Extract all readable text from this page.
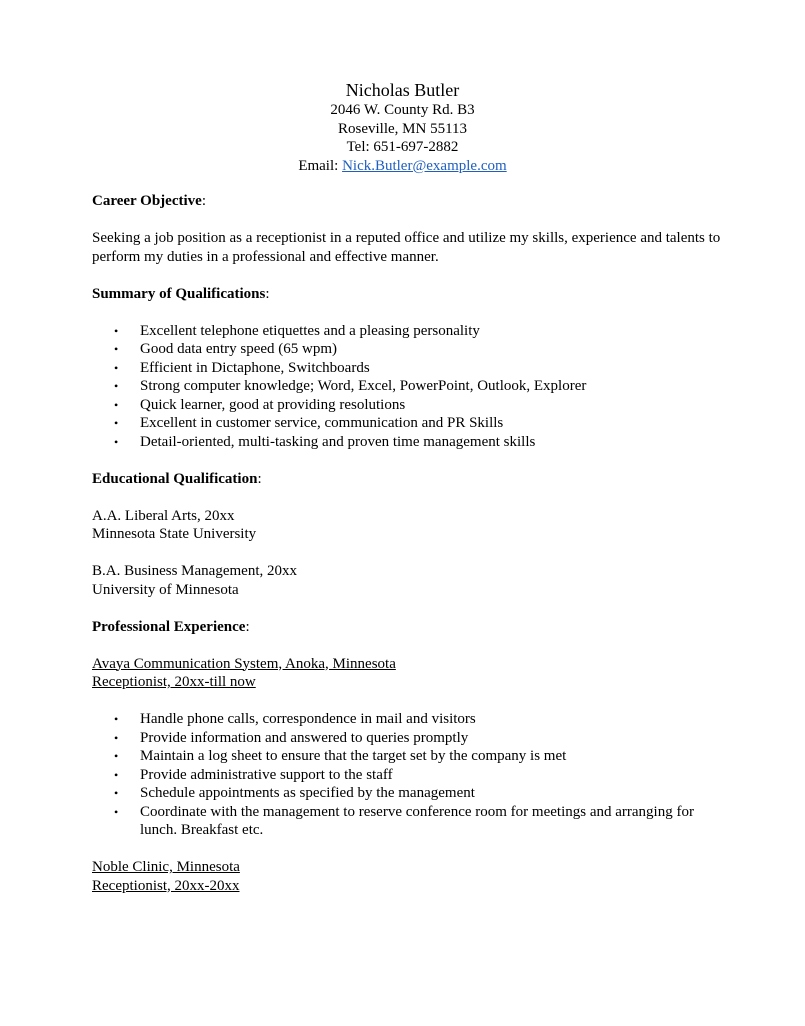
Nicholas Butler
2046 W. County Rd. B3
Roseville, MN 55113
Tel: 651-697-2882
Email: Nick.Butler@example.com
Career Objective:
Seeking a job position as a receptionist in a reputed office and utilize my skills, experience and talents to perform my duties in a professional and effective manner.
Summary of Qualifications:
• Excellent telephone etiquettes and a pleasing personality
• Good data entry speed (65 wpm)
• Efficient in Dictaphone, Switchboards
• Strong computer knowledge; Word, Excel, PowerPoint, Outlook, Explorer
• Quick learner, good at providing resolutions
• Excellent in customer service, communication and PR Skills
• Detail-oriented, multi-tasking and proven time management skills
Educational Qualification:
A.A. Liberal Arts, 20xx
Minnesota State University
B.A. Business Management, 20xx
University of Minnesota
Professional Experience:
Avaya Communication System, Anoka, Minnesota
Receptionist, 20xx-till now
• Handle phone calls, correspondence in mail and visitors
• Provide information and answered to queries promptly
• Maintain a log sheet to ensure that the target set by the company is met
• Provide administrative support to the staff
• Schedule appointments as specified by the management
• Coordinate with the management to reserve conference room for meetings and arranging for lunch. Breakfast etc.
Noble Clinic, Minnesota
Receptionist, 20xx-20xx
